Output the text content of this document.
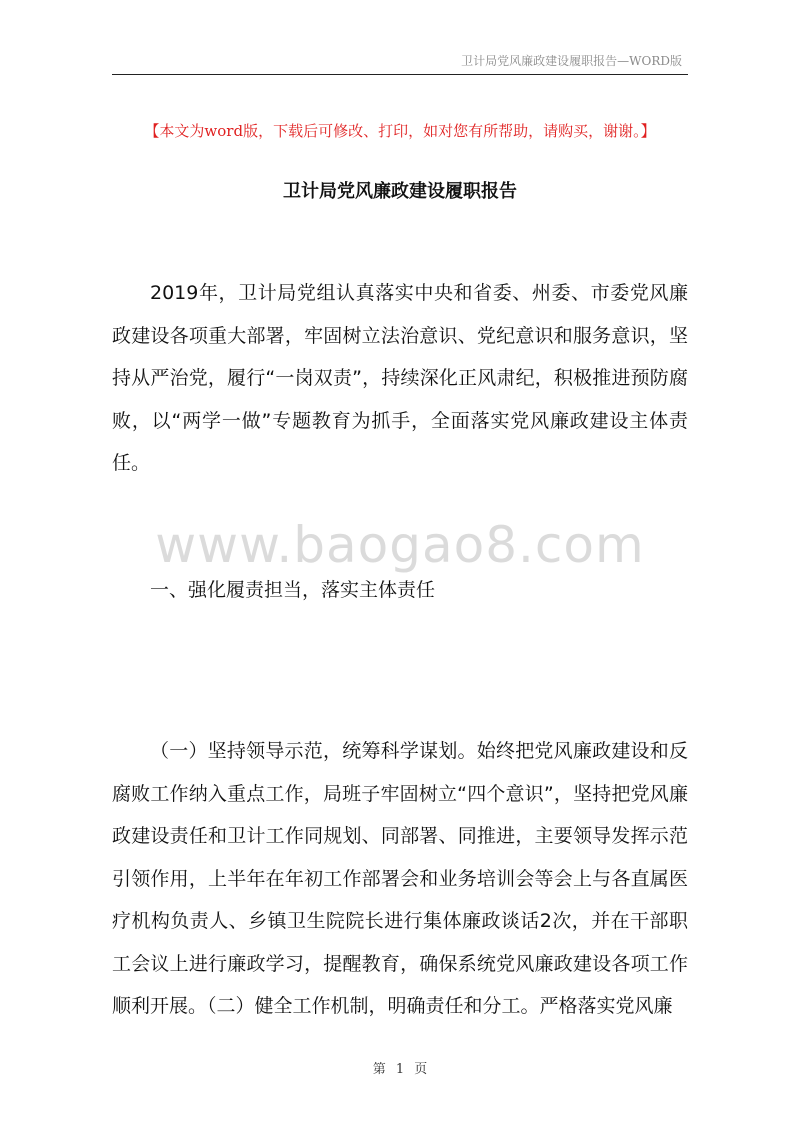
卫计局党风廉政建设履职报告—WORD版
【本文为word版，下载后可修改、打印，如对您有所帮助，请购买，谢谢。】
卫计局党风廉政建设履职报告

2019年，卫计局党组认真落实中央和省委、州委、市委党风廉政建设各项重大部署，牢固树立法治意识、党纪意识和服务意识，坚持从严治党，履行“一岗双责”，持续深化正风肃纪，积极推进预防腐败，以“两学一做”专题教育为抓手，全面落实党风廉政建设主体责任。

www.baogao8.com
一、强化履责担当，落实主体责任

（一）坚持领导示范，统筹科学谋划。始终把党风廉政建设和反腐败工作纳入重点工作，局班子牢固树立“四个意识”，坚持把党风廉政建设责任和卫计工作同规划、同部署、同推进，主要领导发挥示范引领作用，上半年在年初工作部署会和业务培训会等会上与各直属医疗机构负责人、乡镇卫生院院长进行集体廉政谈话2次，并在干部职工会议上进行廉政学习，提醒教育，确保系统党风廉政建设各项工作顺利开展。（二）健全工作机制，明确责任和分工。严格落实党风廉

第 1 页
